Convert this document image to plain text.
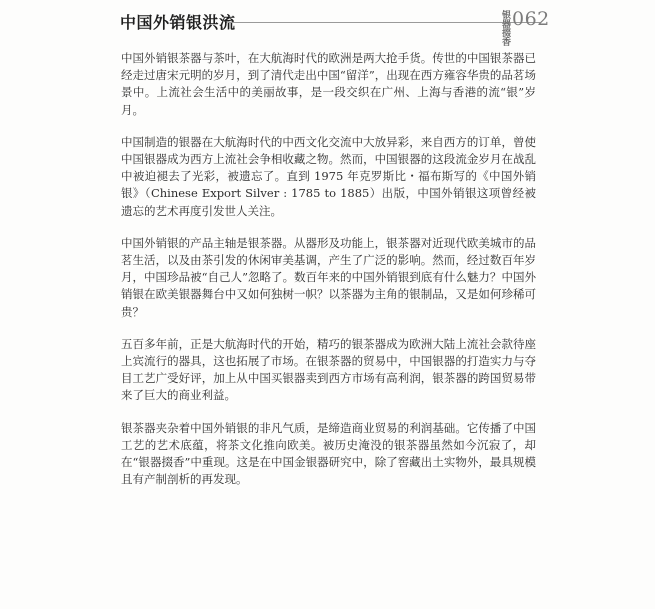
中国外销银洪流	银器掇香 062

中国外销银茶器与茶叶，在大航海时代的欧洲是两大抢手货。传世的中国银茶器已经走过唐宋元明的岁月，到了清代走出中国“留洋”，出现在西方雍容华贵的品茗场景中。上流社会生活中的美丽故事，是一段交织在广州、上海与香港的流“银”岁月。

中国制造的银器在大航海时代的中西文化交流中大放异彩，来自西方的订单，曾使中国银器成为西方上流社会争相收藏之物。然而，中国银器的这段流金岁月在战乱中被迫褪去了光彩，被遗忘了。直到 1975 年克罗斯比・福布斯写的《中国外销银》（Chinese Export Silver : 1785 to 1885）出版，中国外销银这项曾经被遗忘的艺术再度引发世人关注。

中国外销银的产品主轴是银茶器。从器形及功能上，银茶器对近现代欧美城市的品茗生活，以及由茶引发的休闲审美基调，产生了广泛的影响。然而，经过数百年岁月，中国珍品被“自己人”忽略了。数百年来的中国外销银到底有什么魅力？中国外销银在欧美银器舞台中又如何独树一帜？以茶器为主角的银制品，又是如何珍稀可贵？

五百多年前，正是大航海时代的开始，精巧的银茶器成为欧洲大陆上流社会款待座上宾流行的器具，这也拓展了市场。在银茶器的贸易中，中国银器的打造实力与夺目工艺广受好评，加上从中国买银器卖到西方市场有高利润，银茶器的跨国贸易带来了巨大的商业利益。

银茶器夹杂着中国外销银的非凡气质，是缔造商业贸易的利润基础。它传播了中国工艺的艺术底蕴，将茶文化推向欧美。被历史淹没的银茶器虽然如今沉寂了，却在“银器掇香”中重现。这是在中国金银器研究中，除了窖藏出土实物外，最具规模且有产制剖析的再发现。
